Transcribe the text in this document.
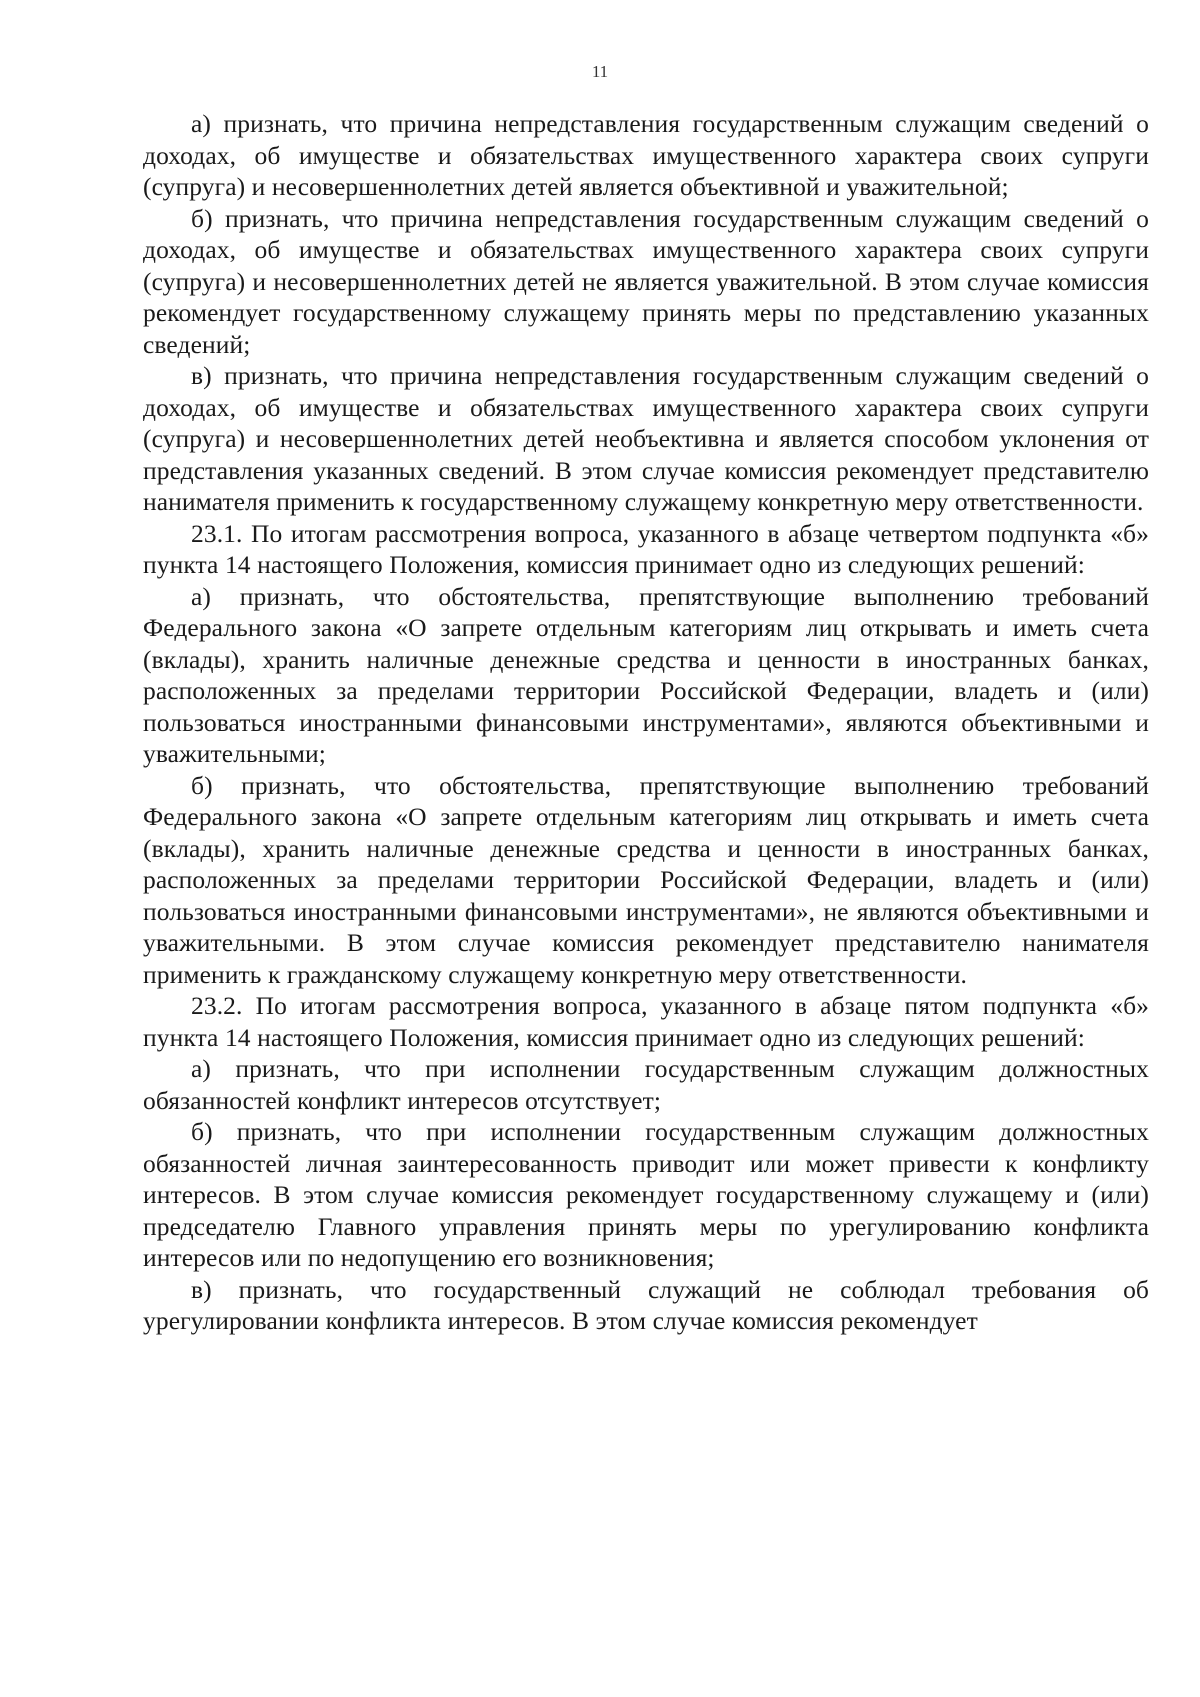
11

а) признать, что причина непредставления государственным служащим сведений о доходах, об имуществе и обязательствах имущественного характера своих супруги (супруга) и несовершеннолетних детей является объективной и уважительной;

б) признать, что причина непредставления государственным служащим сведений о доходах, об имуществе и обязательствах имущественного характера своих супруги (супруга) и несовершеннолетних детей не является уважительной. В этом случае комиссия рекомендует государственному служащему принять меры по представлению указанных сведений;

в) признать, что причина непредставления государственным служащим сведений о доходах, об имуществе и обязательствах имущественного характера своих супруги (супруга) и несовершеннолетних детей необъективна и является способом уклонения от представления указанных сведений. В этом случае комиссия рекомендует представителю нанимателя применить к государственному служащему конкретную меру ответственности.

23.1. По итогам рассмотрения вопроса, указанного в абзаце четвертом подпункта «б» пункта 14 настоящего Положения, комиссия принимает одно из следующих решений:

а) признать, что обстоятельства, препятствующие выполнению требований Федерального закона «О запрете отдельным категориям лиц открывать и иметь счета (вклады), хранить наличные денежные средства и ценности в иностранных банках, расположенных за пределами территории Российской Федерации, владеть и (или) пользоваться иностранными финансовыми инструментами», являются объективными и уважительными;

б) признать, что обстоятельства, препятствующие выполнению требований Федерального закона «О запрете отдельным категориям лиц открывать и иметь счета (вклады), хранить наличные денежные средства и ценности в иностранных банках, расположенных за пределами территории Российской Федерации, владеть и (или) пользоваться иностранными финансовыми инструментами», не являются объективными и уважительными. В этом случае комиссия рекомендует представителю нанимателя применить к гражданскому служащему конкретную меру ответственности.

23.2. По итогам рассмотрения вопроса, указанного в абзаце пятом подпункта «б» пункта 14 настоящего Положения, комиссия принимает одно из следующих решений:

а) признать, что при исполнении государственным служащим должностных обязанностей конфликт интересов отсутствует;

б) признать, что при исполнении государственным служащим должностных обязанностей личная заинтересованность приводит или может привести к конфликту интересов. В этом случае комиссия рекомендует государственному служащему и (или) председателю Главного управления принять меры по урегулированию конфликта интересов или по недопущению его возникновения;

в) признать, что государственный служащий не соблюдал требования об урегулировании конфликта интересов. В этом случае комиссия рекомендует
